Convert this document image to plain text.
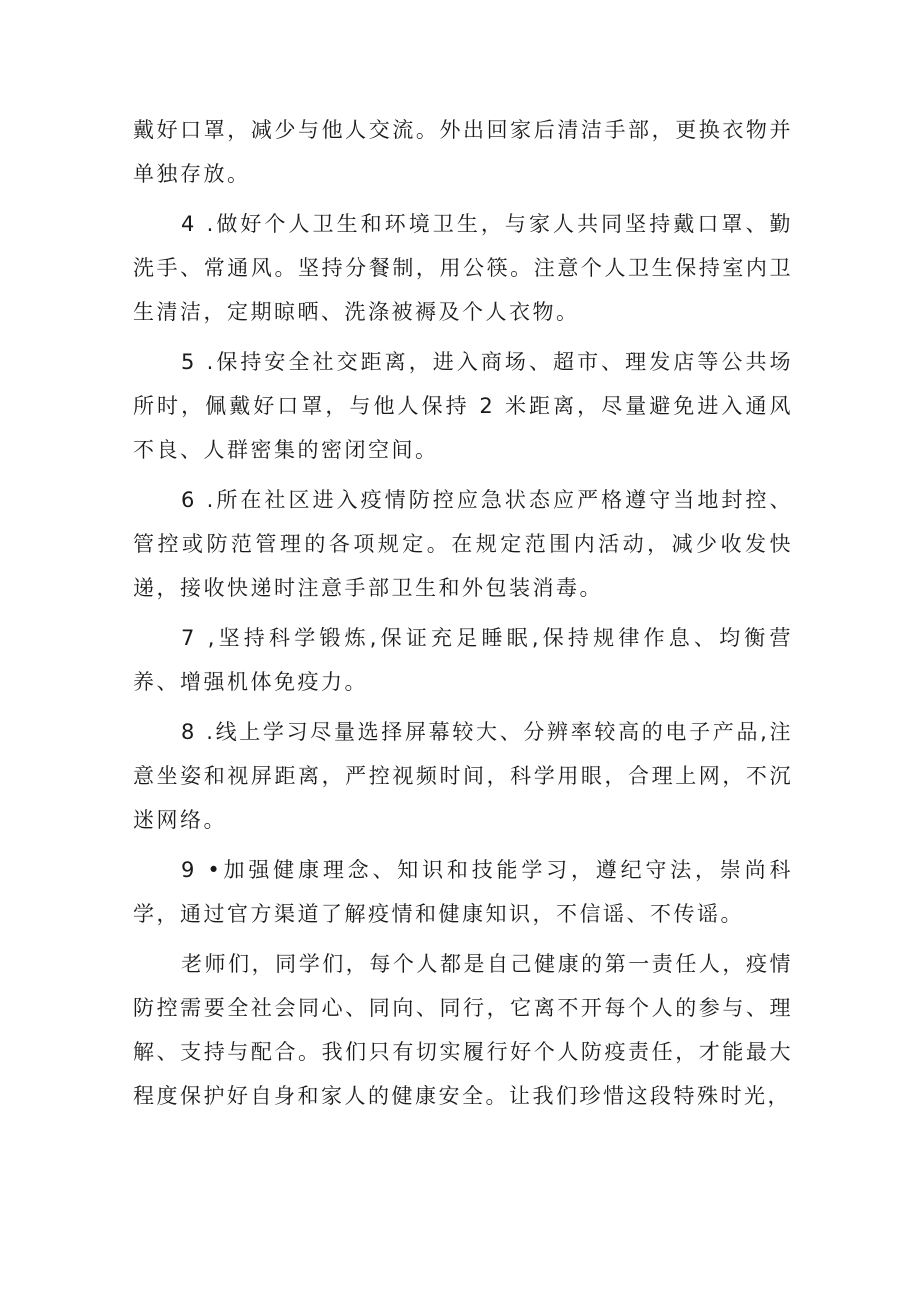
戴好口罩，减少与他人交流。外出回家后清洁手部，更换衣物并单独存放。

4 .做好个人卫生和环境卫生，与家人共同坚持戴口罩、勤洗手、常通风。坚持分餐制，用公筷。注意个人卫生保持室内卫生清洁，定期晾晒、洗涤被褥及个人衣物。

5 .保持安全社交距离，进入商场、超市、理发店等公共场所时，佩戴好口罩，与他人保持 2 米距离，尽量避免进入通风不良、人群密集的密闭空间。

6 .所在社区进入疫情防控应急状态应严格遵守当地封控、管控或防范管理的各项规定。在规定范围内活动，减少收发快递，接收快递时注意手部卫生和外包装消毒。

7 ,坚持科学锻炼,保证充足睡眠,保持规律作息、均衡营养、增强机体免疫力。

8 .线上学习尽量选择屏幕较大、分辨率较高的电子产品,注意坐姿和视屏距离，严控视频时间，科学用眼，合理上网，不沉迷网络。

9 •加强健康理念、知识和技能学习，遵纪守法，崇尚科学，通过官方渠道了解疫情和健康知识，不信谣、不传谣。

老师们，同学们，每个人都是自己健康的第一责任人，疫情防控需要全社会同心、同向、同行，它离不开每个人的参与、理解、支持与配合。我们只有切实履行好个人防疫责任，才能最大程度保护好自身和家人的健康安全。让我们珍惜这段特殊时光，
